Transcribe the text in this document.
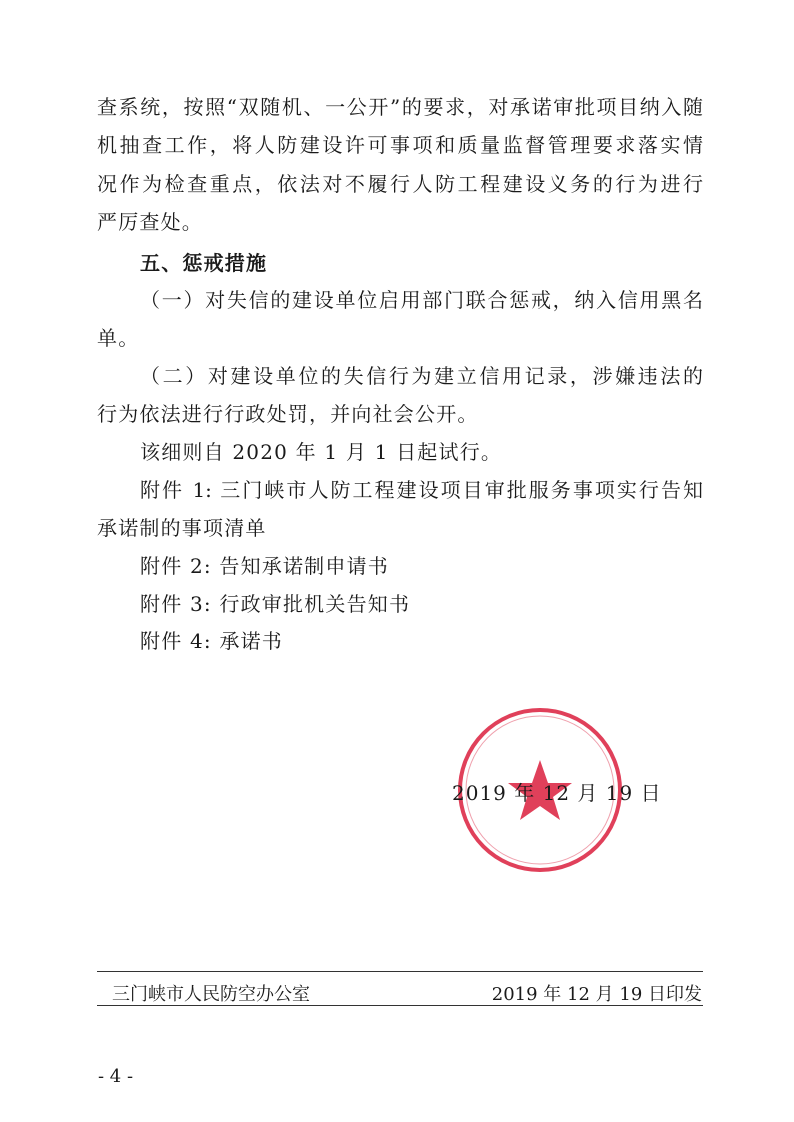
查系统，按照“双随机、一公开”的要求，对承诺审批项目纳入随
机抽查工作，将人防建设许可事项和质量监督管理要求落实情
况作为检查重点，依法对不履行人防工程建设义务的行为进行
严厉查处。
五、惩戒措施
（一）对失信的建设单位启用部门联合惩戒，纳入信用黑名
单。
（二）对建设单位的失信行为建立信用记录，涉嫌违法的
行为依法进行行政处罚，并向社会公开。
该细则自 2020 年 1 月 1 日起试行。
附件 1: 三门峡市人防工程建设项目审批服务事项实行告知
承诺制的事项清单
附件 2: 告知承诺制申请书
附件 3: 行政审批机关告知书
附件 4: 承诺书
2019 年 12 月 19 日
三门峡市人民防空办公室	2019 年 12 月 19 日印发
- 4 -
